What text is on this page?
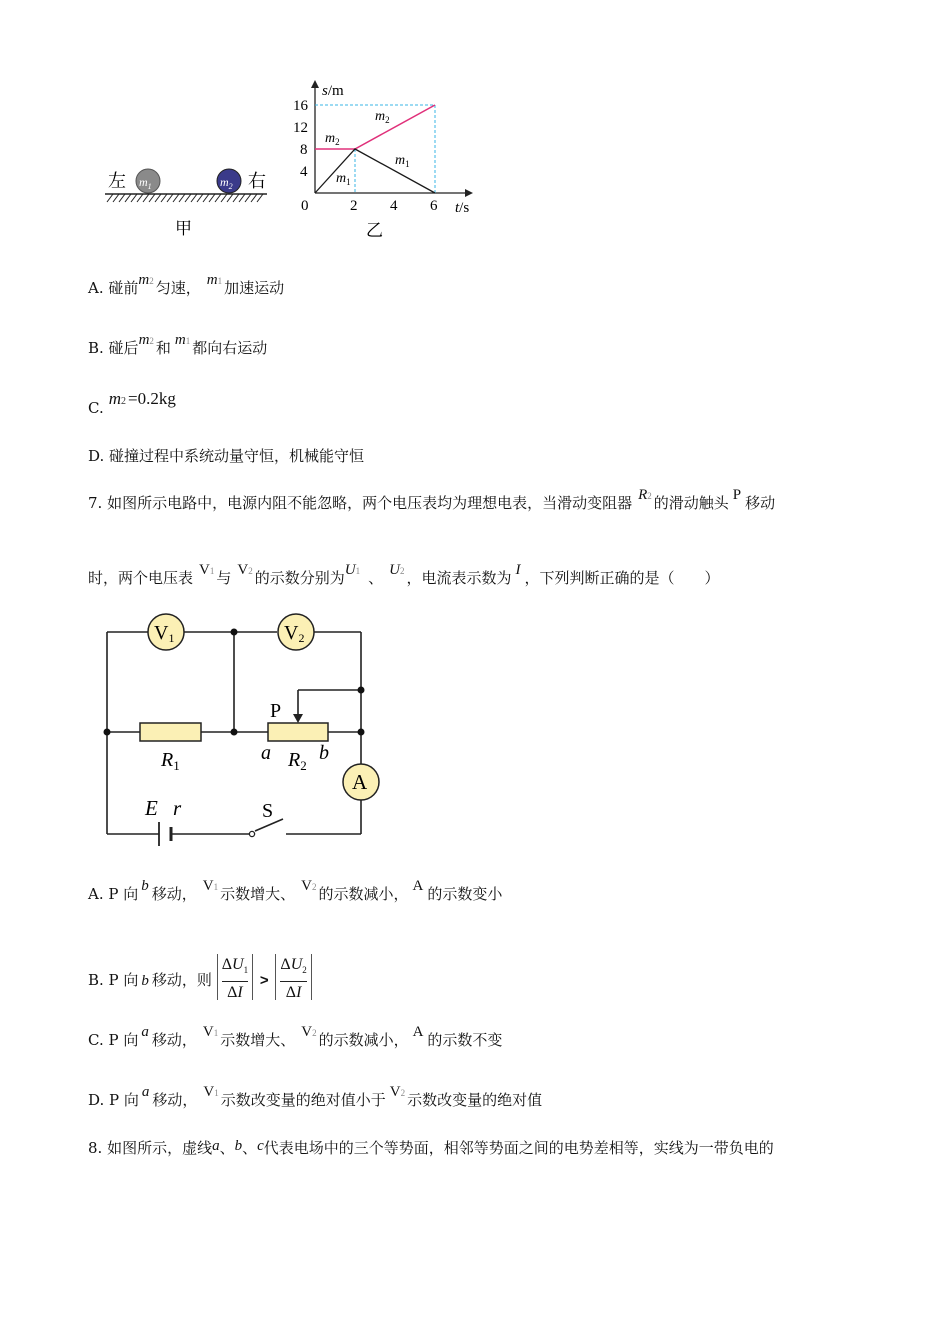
左	右
$m_1$	$m_2$
甲
s/m
t/s
16
12
8
4
0	2 4 6
$m_2$
$m_2$
$m_1$
$m_1$
乙
A. 碰前m2 匀速， m1 加速运动
B. 碰后m2 和 m1 都向右运动
C. m2 =0.2kg
D. 碰撞过程中系统动量守恒，机械能守恒
7. 如图所示电路中，电源内阻不能忽略，两个电压表均为理想电表，当滑动变阻器 R2 的滑动触头 P 移动
时，两个电压表 V1 与 V2 的示数分别为U1 、 U2 ，电流表示数为 I ，下列判断正确的是（　　）
V1	V2
A
P
a $R_2$
b
$R_1$
E r	S
A. P 向 b 移动， V1 示数增大、 V2 的示数减小， A 的示数变小
B. P 向 b 移动，则 $\frac{\Delta U_1}{\Delta I} > \frac{\Delta U_2}{\Delta I}$
C. P 向 a 移动， V1 示数增大、 V2 的示数减小， A 的示数不变
D. P 向 a 移动， V1 示数改变量的绝对值小于 V2 示数改变量的绝对值
8. 如图所示，虚线a、b、c代表电场中的三个等势面，相邻等势面之间的电势差相等，实线为一带负电的
